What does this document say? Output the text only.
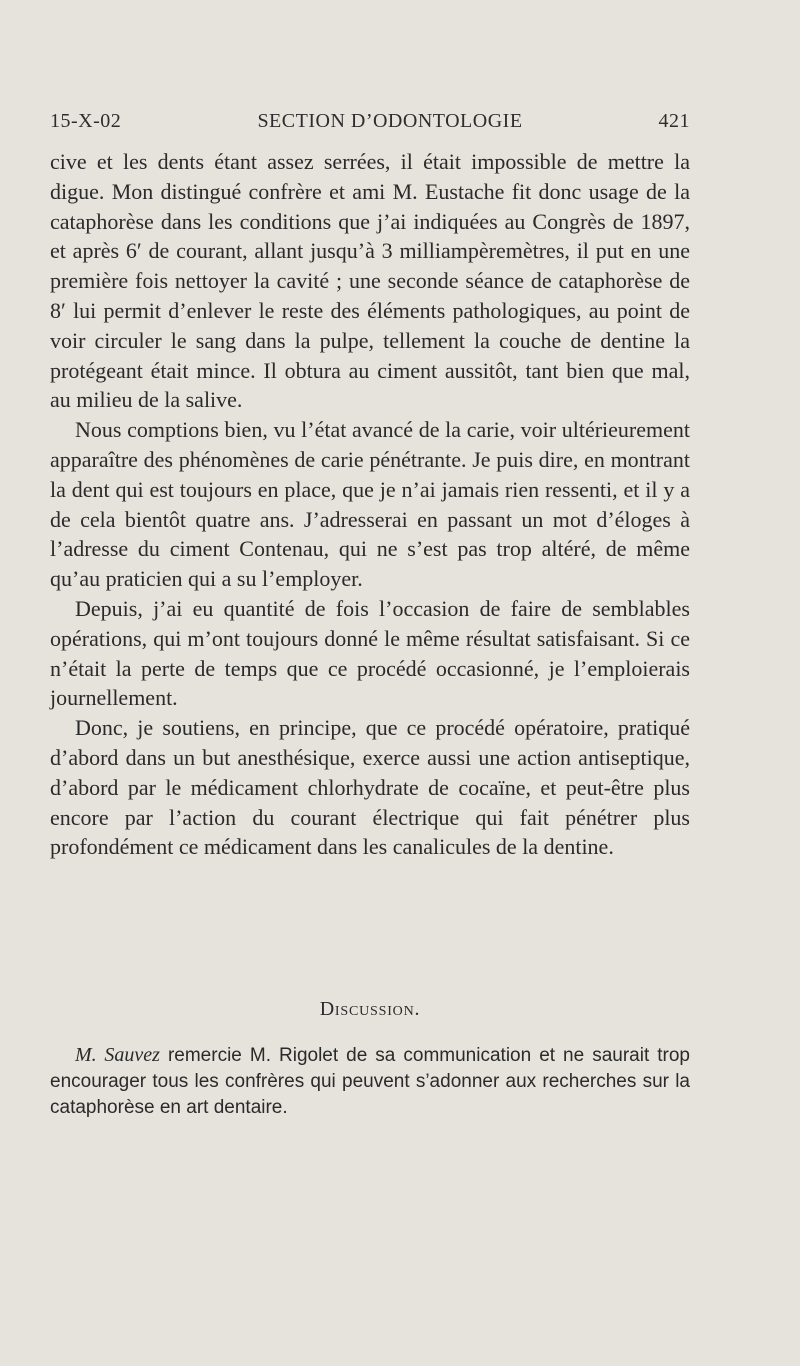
15-X-02	SECTION D’ODONTOLOGIE	421

cive et les dents étant assez serrées, il était impossible de mettre la digue. Mon distingué confrère et ami M. Eustache fit donc usage de la cataphorèse dans les conditions que j’ai indiquées au Congrès de 1897, et après 6′ de courant, allant jusqu’à 3 milliampèremètres, il put en une première fois nettoyer la cavité ; une seconde séance de cataphorèse de 8′ lui permit d’enlever le reste des éléments pathologiques, au point de voir circuler le sang dans la pulpe, tellement la couche de dentine la protégeant était mince. Il obtura au ciment aussitôt, tant bien que mal, au milieu de la salive.

Nous comptions bien, vu l’état avancé de la carie, voir ultérieurement apparaître des phénomènes de carie pénétrante. Je puis dire, en montrant la dent qui est toujours en place, que je n’ai jamais rien ressenti, et il y a de cela bientôt quatre ans. J’adresserai en passant un mot d’éloges à l’adresse du ciment Contenau, qui ne s’est pas trop altéré, de même qu’au praticien qui a su l’employer.

Depuis, j’ai eu quantité de fois l’occasion de faire de semblables opérations, qui m’ont toujours donné le même résultat satisfaisant. Si ce n’était la perte de temps que ce procédé occasionné, je l’emploierais journellement.

Donc, je soutiens, en principe, que ce procédé opératoire, pratiqué d’abord dans un but anesthésique, exerce aussi une action antiseptique, d’abord par le médicament chlorhydrate de cocaïne, et peut-être plus encore par l’action du courant électrique qui fait pénétrer plus profondément ce médicament dans les canalicules de la dentine.

Discussion.
M. Sauvez remercie M. Rigolet de sa communication et ne saurait trop encourager tous les confrères qui peuvent s’adonner aux recherches sur la cataphorèse en art dentaire.
